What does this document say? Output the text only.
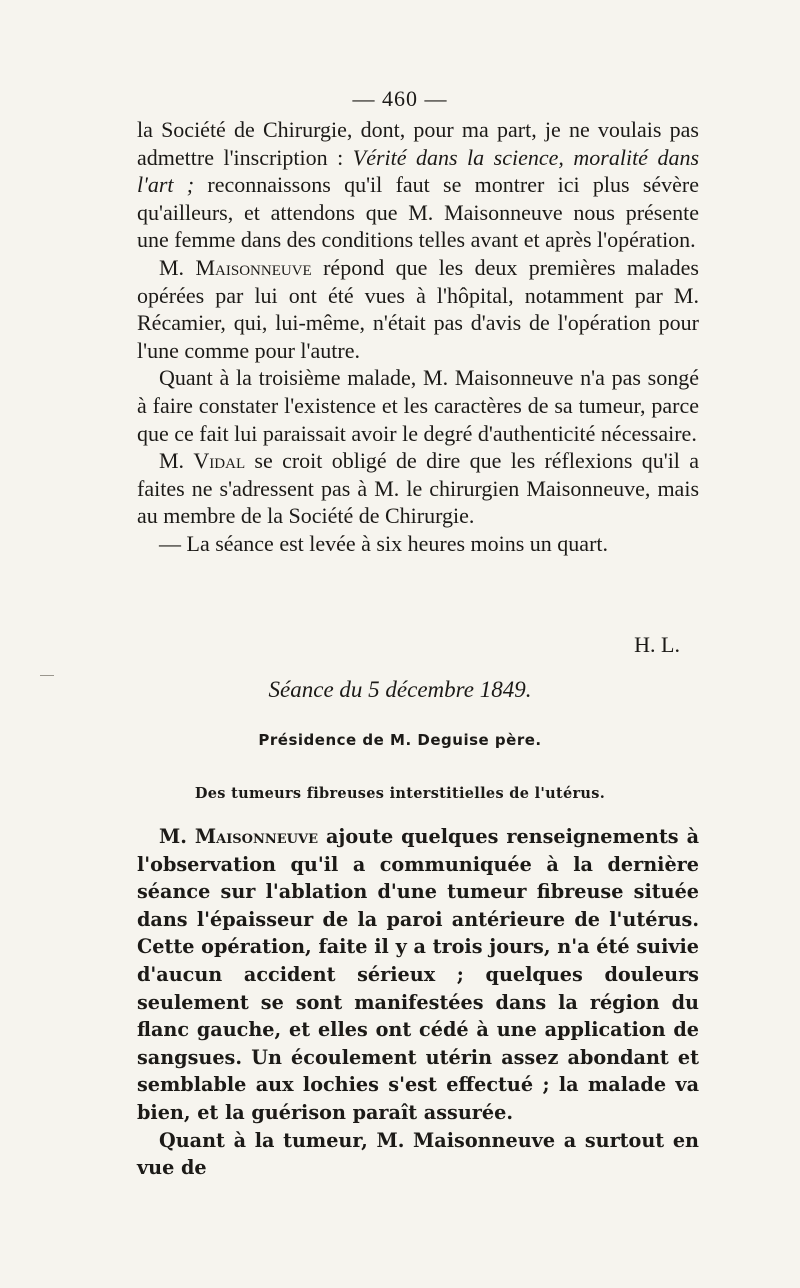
— 460 —

la Société de Chirurgie, dont, pour ma part, je ne voulais pas admettre l'inscription : Vérité dans la science, moralité dans l'art ; reconnaissons qu'il faut se montrer ici plus sévère qu'ailleurs, et attendons que M. Maisonneuve nous présente une femme dans des conditions telles avant et après l'opération.

M. Maisonneuve répond que les deux premières malades opérées par lui ont été vues à l'hôpital, notamment par M. Récamier, qui, lui-même, n'était pas d'avis de l'opération pour l'une comme pour l'autre.

Quant à la troisième malade, M. Maisonneuve n'a pas songé à faire constater l'existence et les caractères de sa tumeur, parce que ce fait lui paraissait avoir le degré d'authenticité nécessaire.

M. Vidal se croit obligé de dire que les réflexions qu'il a faites ne s'adressent pas à M. le chirurgien Maisonneuve, mais au membre de la Société de Chirurgie.

— La séance est levée à six heures moins un quart.

H. L.
Séance du 5 décembre 1849.
Présidence de M. Deguise père.
Des tumeurs fibreuses interstitielles de l'utérus.

M. Maisonneuve ajoute quelques renseignements à l'observation qu'il a communiquée à la dernière séance sur l'ablation d'une tumeur fibreuse située dans l'épaisseur de la paroi antérieure de l'utérus. Cette opération, faite il y a trois jours, n'a été suivie d'aucun accident sérieux ; quelques douleurs seulement se sont manifestées dans la région du flanc gauche, et elles ont cédé à une application de sangsues. Un écoulement utérin assez abondant et semblable aux lochies s'est effectué ; la malade va bien, et la guérison paraît assurée.

Quant à la tumeur, M. Maisonneuve a surtout en vue de
